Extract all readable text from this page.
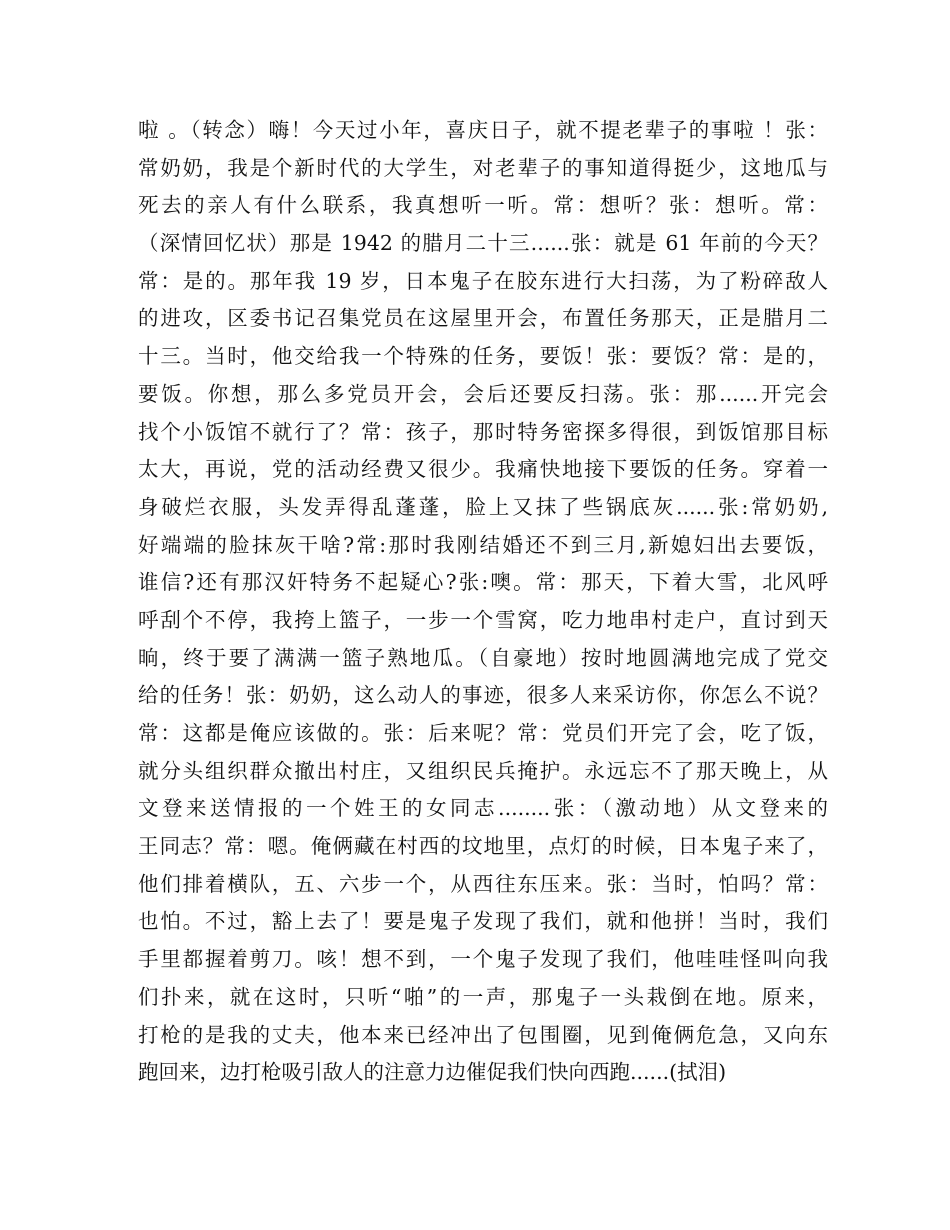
啦 。（转念）嗨！今天过小年，喜庆日子，就不提老辈子的事啦 ！张：
常奶奶，我是个新时代的大学生，对老辈子的事知道得挺少，这地瓜与
死去的亲人有什么联系，我真想听一听。常：想听？张：想听。常：
（深情回忆状）那是 1942 的腊月二十三......张：就是 61 年前的今天？
常：是的。那年我 19 岁，日本鬼子在胶东进行大扫荡，为了粉碎敌人
的进攻，区委书记召集党员在这屋里开会，布置任务那天，正是腊月二
十三。当时，他交给我一个特殊的任务，要饭！张：要饭？常：是的，
要饭。你想，那么多党员开会，会后还要反扫荡。张：那......开完会
找个小饭馆不就行了？常：孩子，那时特务密探多得很，到饭馆那目标
太大，再说，党的活动经费又很少。我痛快地接下要饭的任务。穿着一
身破烂衣服，头发弄得乱蓬蓬，脸上又抹了些锅底灰......张:常奶奶,
好端端的脸抹灰干啥?常:那时我刚结婚还不到三月,新媳妇出去要饭，
谁信?还有那汉奸特务不起疑心?张:噢。常：那天，下着大雪，北风呼
呼刮个不停，我挎上篮子，一步一个雪窝，吃力地串村走户，直讨到天
晌，终于要了满满一篮子熟地瓜。（自豪地）按时地圆满地完成了党交
给的任务！张：奶奶，这么动人的事迹，很多人来采访你，你怎么不说？
常：这都是俺应该做的。张：后来呢？常：党员们开完了会，吃了饭，
就分头组织群众撤出村庄，又组织民兵掩护。永远忘不了那天晚上，从
文登来送情报的一个姓王的女同志........张：（激动地）从文登来的
王同志？常：嗯。俺俩藏在村西的坟地里，点灯的时候，日本鬼子来了，
他们排着横队，五、六步一个，从西往东压来。张：当时，怕吗？常：
也怕。不过，豁上去了！要是鬼子发现了我们，就和他拼！当时，我们
手里都握着剪刀。咳！想不到，一个鬼子发现了我们，他哇哇怪叫向我
们扑来，就在这时，只听“啪”的一声，那鬼子一头栽倒在地。原来，
打枪的是我的丈夫，他本来已经冲出了包围圈，见到俺俩危急，又向东
跑回来，边打枪吸引敌人的注意力边催促我们快向西跑......(拭泪)
